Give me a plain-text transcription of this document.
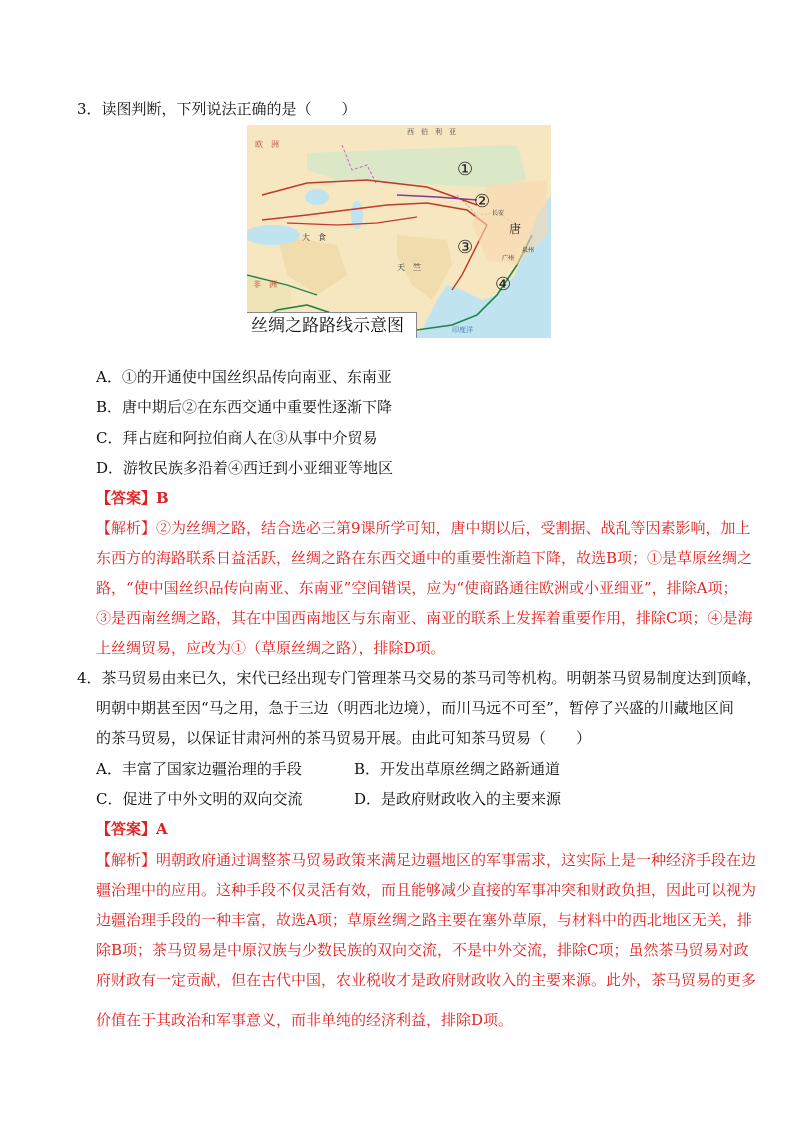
3．读图判断，下列说法正确的是（　　）
西　伯　利　亚
欧　洲
非　洲
唐
天　竺
大　食
长安
广州
泉州
印度洋
①
②
③
④
丝绸之路路线示意图
A．①的开通使中国丝织品传向南亚、东南亚
B．唐中期后②在东西交通中重要性逐渐下降
C．拜占庭和阿拉伯商人在③从事中介贸易
D．游牧民族多沿着④西迁到小亚细亚等地区
【答案】B
【解析】②为丝绸之路，结合选必三第9课所学可知，唐中期以后，受割据、战乱等因素影响，加上
东西方的海路联系日益活跃，丝绸之路在东西交通中的重要性渐趋下降，故选B项；①是草原丝绸之
路，“使中国丝织品传向南亚、东南亚”空间错误，应为“使商路通往欧洲或小亚细亚”，排除A项；
③是西南丝绸之路，其在中国西南地区与东南亚、南亚的联系上发挥着重要作用，排除C项；④是海
上丝绸贸易，应改为①（草原丝绸之路），排除D项。
4．茶马贸易由来已久，宋代已经出现专门管理茶马交易的茶马司等机构。明朝茶马贸易制度达到顶峰，
明朝中期甚至因“马之用，急于三边（明西北边境），而川马远不可至”，暂停了兴盛的川藏地区间
的茶马贸易，以保证甘肃河州的茶马贸易开展。由此可知茶马贸易（　　）
A．丰富了国家边疆治理的手段	B．开发出草原丝绸之路新通道
C．促进了中外文明的双向交流	D．是政府财政收入的主要来源
【答案】A
【解析】明朝政府通过调整茶马贸易政策来满足边疆地区的军事需求，这实际上是一种经济手段在边
疆治理中的应用。这种手段不仅灵活有效，而且能够减少直接的军事冲突和财政负担，因此可以视为
边疆治理手段的一种丰富，故选A项；草原丝绸之路主要在塞外草原，与材料中的西北地区无关，排
除B项；茶马贸易是中原汉族与少数民族的双向交流，不是中外交流，排除C项；虽然茶马贸易对政
府财政有一定贡献，但在古代中国，农业税收才是政府财政收入的主要来源。此外，茶马贸易的更多
价值在于其政治和军事意义，而非单纯的经济利益，排除D项。
